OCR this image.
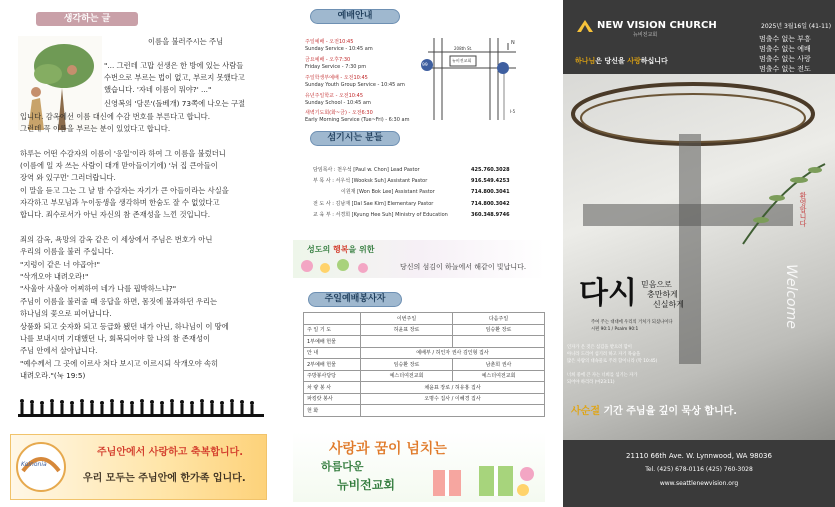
생각하는 글
이름을 불러주시는 주님
"... 그런데 고맙 선생은 한 방에 있는 사람들
수번으로 부르는 법이 없고, 부르지 못했다고
했습니다. '자네 이름이 뭐야?' ..."
신영복의 '담론'(돌베개) 73쪽에 나오는 구절
입니다. 감옥에선 이름 대신에 수감 번호를 부른다고 합니다.
그런데 꼭 이름을 부르는 분이 있었다고 합니다.
하루는 어떤 수감자의 이름이 '응일'이라 하여 그 이름을 불렀더니
(이름에 일 자 쓰는 사람이 대개 맏아들이기에) '뉘 집 큰아들이
장역 와 있구먼' 그러더랍니다.
이 말을 듣고 그는 그 날 밤 수감자는 자기가 큰 아들이라는 사실을
자각하고 부모님과 누이동생을 생각하며 한숨도 잘 수 없었다고
합니다. 죄수로서가 아닌 자신의 참 존재성을 느낀 것입니다.
죄의 감옥, 욕망의 감옥 같은 이 세상에서 주님은 번호가 아닌
우리의 이름을 불러 주십니다.
"지렁이 같은 너 야곱아!"
"삭개오야 내려오라!"
"사울아 사울아 어찌하여 네가 나를 핍박하느냐?"
주님이 이름을 불러줄 때 응답을 하면, 몸짓에 불과하던 우리는
하나님의 꽃으로 피어납니다.
상품화 되고 숫자화 되고 등급화 됐던 내가 아닌, 하나님이 이 땅에
나를 보내시며 기대했던 나, 회복되어야 할 나의 참 존재성이
주님 안에서 살아납니다.
"예수께서 그 곳에 이르사 쳐다 보시고 이르시되 삭개오야 속히
내려오라."(눅 19:5)
Koinonia
주님안에서 사랑하고 축복합니다.
우리 모두는 주님안에 한가족 입니다.
예배안내
주일예배 - 오전10:45
Sunday Service - 10:45 am
금요예배 - 오후7:30
Friday Service - 7:30 pm
주일학생부예배 - 오전10:45
Sunday Youth Group Service - 10:45 am
유년주일학교 - 오전10:45
Sunday School - 10:45 am
새벽기도회(화~금) - 오전6:30
Early Morning Service (Tue~Fri) - 6:30 am
208th St.
뉴비전교회
99
N
I-5
섬기시는 분들
담임목사 : 천우석 [Paul w. Chon] Lead Pastor	425.760.3028
부 목 사 : 서우석 [Wooksk Suh] Assistant Pastor	916.549.4253
이원재 [Won Bok Lee] Assistant Pastor	714.800.3041
전 도 사 : 김남재 [Dal Sae Kim] Elementary Pastor	714.800.3042
교 육 부 : 서경희 [Kyung Hee Suh] Ministry of Education	360.348.9746
성도의 행복을 위한
당신의 섬김이 하늘에서 해같이 빛납니다.
주일예배봉사자
	이번주일	다음주일
주 일 기 도	허윤표 장로	임승환 장로
1부예배 헌물		
안 내	예배부 / 허인자 권사 김인형 집사	
2부예배 헌물	임승환 장로	남춘희 권사
주방봉사당당	예스더여전교회	예스더여전교회
차 량 봉 사	채윤표 장로 / 허유홍 집사	
파킹랏 봉사	오명수 집사 / 이혜경 집사	
헌 화		
사랑과 꿈이 넘치는
하름다운
뉴비전교회
NEW VISION CHURCH
뉴비전교회
2025년 3월16일 (41-11)
멈출수 없는 부흥
멈출수 없는 예배
멈출수 없는 사랑
멈출수 없는 전도
하나님은 당신을 사랑하십니다
환영합니다
Welcome
다시 믿음으로
충만하게
신실하게
주여 주는 대대에 우리의 거처가 되셨나이다
시편 90:1 / Psalm 90:1
인자가 온 것은 섬김을 받으려 함이
아니라 도리어 섬기려 하고 자기 목숨을
많은 사람의 대속물로 주려 함이니라 (막 10:45)
너희 중에 큰 자는 너희를 섬기는 자가
되어야 하리라 (마23:11)
사순절 기간 주님을 깊이 묵상 합니다.
21110 66th Ave. W. Lynnwood, WA 98036
Tel. (425) 678-0116 (425) 760-3028
www.seattlenewvision.org
